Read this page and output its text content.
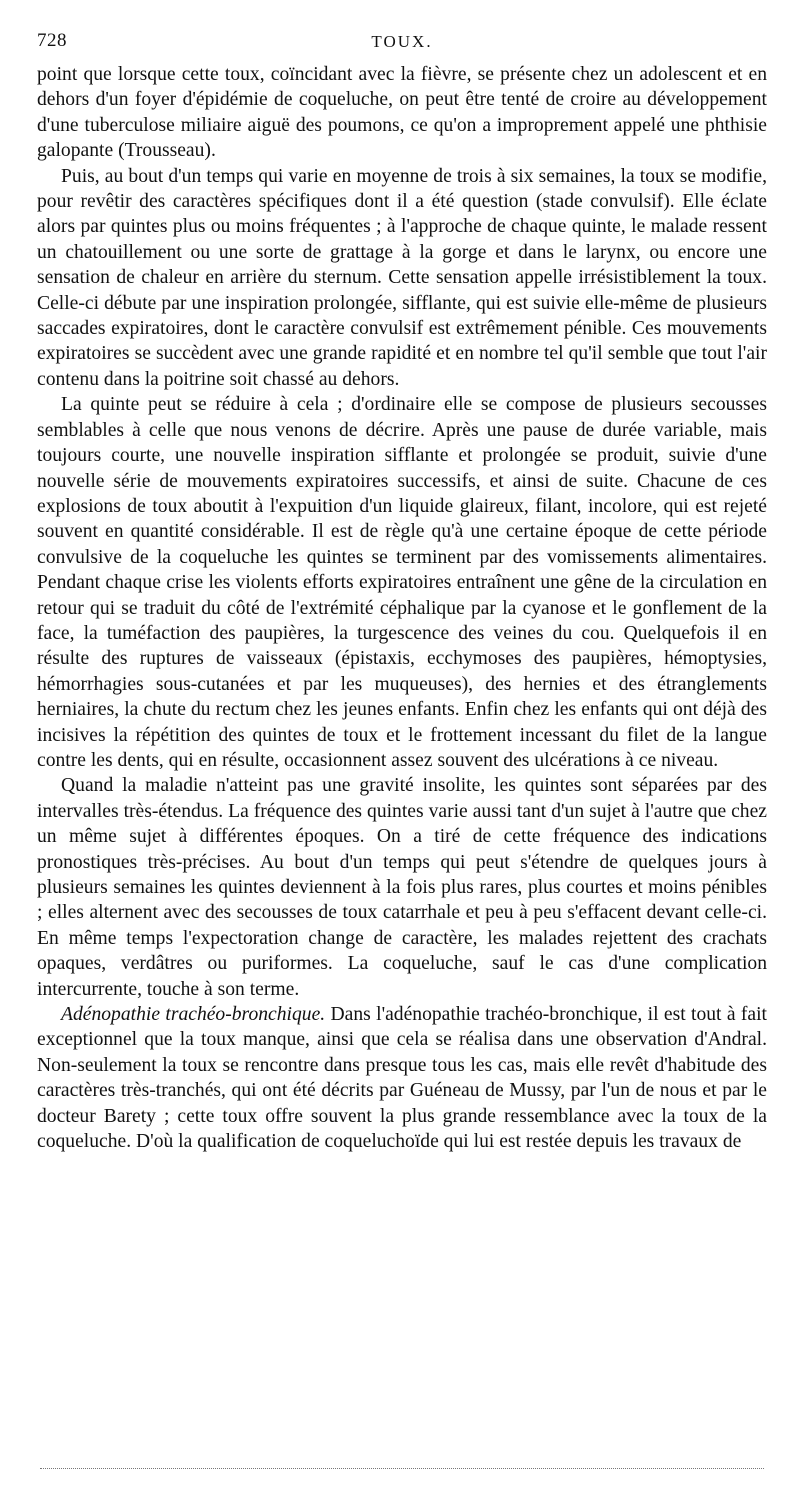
728	TOUX.

point que lorsque cette toux, coïncidant avec la fièvre, se présente chez un adolescent et en dehors d'un foyer d'épidémie de coqueluche, on peut être tenté de croire au développement d'une tuberculose miliaire aiguë des poumons, ce qu'on a improprement appelé une phthisie galopante (Trousseau).

Puis, au bout d'un temps qui varie en moyenne de trois à six semaines, la toux se modifie, pour revêtir des caractères spécifiques dont il a été question (stade convulsif). Elle éclate alors par quintes plus ou moins fréquentes ; à l'approche de chaque quinte, le malade ressent un chatouillement ou une sorte de grattage à la gorge et dans le larynx, ou encore une sensation de chaleur en arrière du sternum. Cette sensation appelle irrésistiblement la toux. Celle-ci débute par une inspiration prolongée, sifflante, qui est suivie elle-même de plusieurs saccades expiratoires, dont le caractère convulsif est extrêmement pénible. Ces mouvements expiratoires se succèdent avec une grande rapidité et en nombre tel qu'il semble que tout l'air contenu dans la poitrine soit chassé au dehors.

La quinte peut se réduire à cela ; d'ordinaire elle se compose de plusieurs secousses semblables à celle que nous venons de décrire. Après une pause de durée variable, mais toujours courte, une nouvelle inspiration sifflante et prolongée se produit, suivie d'une nouvelle série de mouvements expiratoires successifs, et ainsi de suite. Chacune de ces explosions de toux aboutit à l'expuition d'un liquide glaireux, filant, incolore, qui est rejeté souvent en quantité considérable. Il est de règle qu'à une certaine époque de cette période convulsive de la coqueluche les quintes se terminent par des vomissements alimentaires. Pendant chaque crise les violents efforts expiratoires entraînent une gêne de la circulation en retour qui se traduit du côté de l'extrémité céphalique par la cyanose et le gonflement de la face, la tuméfaction des paupières, la turgescence des veines du cou. Quelquefois il en résulte des ruptures de vaisseaux (épistaxis, ecchymoses des paupières, hémoptysies, hémorrhagies sous-cutanées et par les muqueuses), des hernies et des étranglements herniaires, la chute du rectum chez les jeunes enfants. Enfin chez les enfants qui ont déjà des incisives la répétition des quintes de toux et le frottement incessant du filet de la langue contre les dents, qui en résulte, occasionnent assez souvent des ulcérations à ce niveau.

Quand la maladie n'atteint pas une gravité insolite, les quintes sont séparées par des intervalles très-étendus. La fréquence des quintes varie aussi tant d'un sujet à l'autre que chez un même sujet à différentes époques. On a tiré de cette fréquence des indications pronostiques très-précises. Au bout d'un temps qui peut s'étendre de quelques jours à plusieurs semaines les quintes deviennent à la fois plus rares, plus courtes et moins pénibles ; elles alternent avec des secousses de toux catarrhale et peu à peu s'effacent devant celle-ci. En même temps l'expectoration change de caractère, les malades rejettent des crachats opaques, verdâtres ou puriformes. La coqueluche, sauf le cas d'une complication intercurrente, touche à son terme.

Adénopathie trachéo-bronchique. Dans l'adénopathie trachéo-bronchique, il est tout à fait exceptionnel que la toux manque, ainsi que cela se réalisa dans une observation d'Andral. Non-seulement la toux se rencontre dans presque tous les cas, mais elle revêt d'habitude des caractères très-tranchés, qui ont été décrits par Guéneau de Mussy, par l'un de nous et par le docteur Barety ; cette toux offre souvent la plus grande ressemblance avec la toux de la coqueluche. D'où la qualification de coqueluchoïde qui lui est restée depuis les travaux de
